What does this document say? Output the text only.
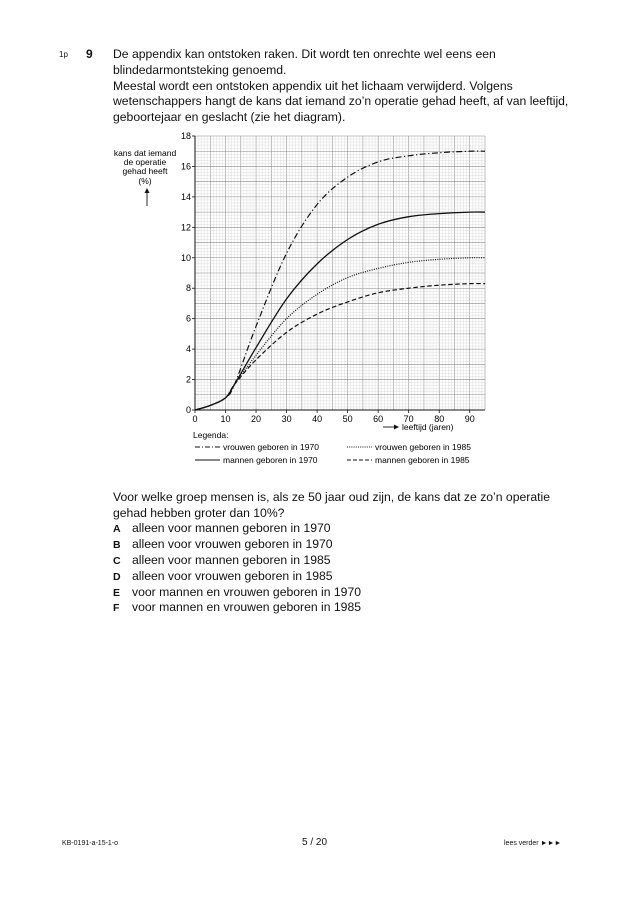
1p 9 De appendix kan ontstoken raken. Dit wordt ten onrechte wel eens een blindedarmontsteking genoemd.

Meestal wordt een ontstoken appendix uit het lichaam verwijderd. Volgens wetenschappers hangt de kans dat iemand zo’n operatie gehad heeft, af van leeftijd, geboortejaar en geslacht (zie het diagram).

0	10 20 30 40 50 60 70 80 90
0
2
4
6
8
10
12
14
16
18
kans dat iemand
de operatie
gehad heeft
(%)
leeftijd (jaren)
Legenda:
vrouwen geboren in 1970	vrouwen geboren in 1985
mannen geboren in 1970	mannen geboren in 1985
Voor welke groep mensen is, als ze 50 jaar oud zijn, de kans dat ze zo’n operatie gehad hebben groter dan 10%?
A alleen voor mannen geboren in 1970
B alleen voor vrouwen geboren in 1970
C alleen voor mannen geboren in 1985
D alleen voor vrouwen geboren in 1985
E voor mannen en vrouwen geboren in 1970
F voor mannen en vrouwen geboren in 1985
KB-0191-a-15-1-o	5 / 20	lees verder ►►►
